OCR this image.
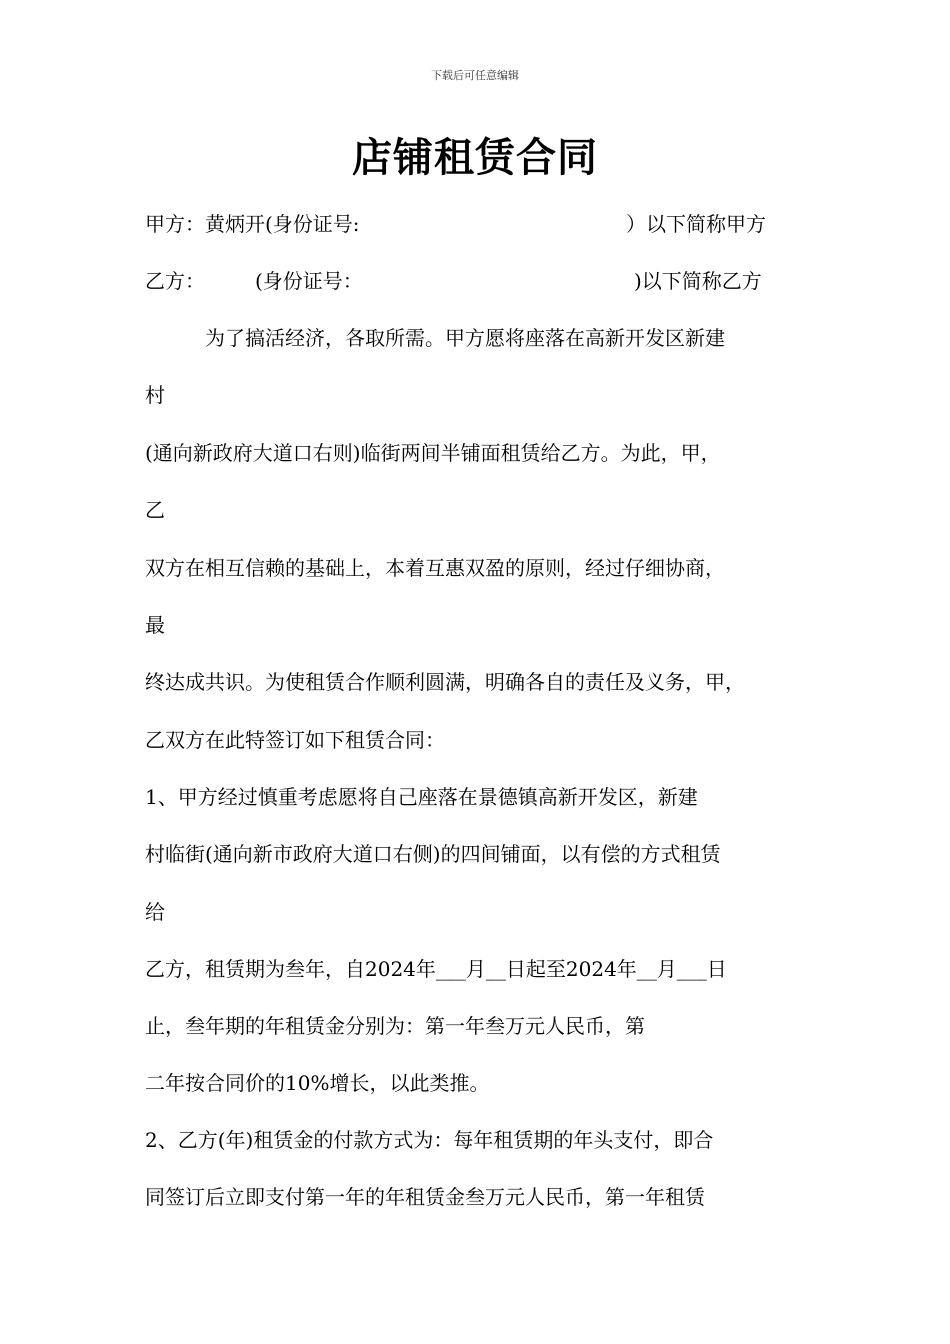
下载后可任意编辑
店铺租赁合同
甲方：黄炳开(身份证号:	）以下简称甲方
乙方：　　　(身份证号：	)以下简称乙方
　　　为了搞活经济，各取所需。甲方愿将座落在高新开发区新建
村
(通向新政府大道口右则)临街两间半铺面租赁给乙方。为此，甲，
乙
双方在相互信赖的基础上，本着互惠双盈的原则，经过仔细协商，
最
终达成共识。为使租赁合作顺利圆满，明确各自的责任及义务，甲，
乙双方在此特签订如下租赁合同：
1、甲方经过慎重考虑愿将自己座落在景德镇高新开发区，新建
村临街(通向新市政府大道口右侧)的四间铺面，以有偿的方式租赁
给
乙方，租赁期为叁年，自2024年___月__日起至2024年__月___日
止，叁年期的年租赁金分别为：第一年叁万元人民币，第
二年按合同价的10%增长，以此类推。
2、乙方(年)租赁金的付款方式为：每年租赁期的年头支付，即合
同签订后立即支付第一年的年租赁金叁万元人民币，第一年租赁
